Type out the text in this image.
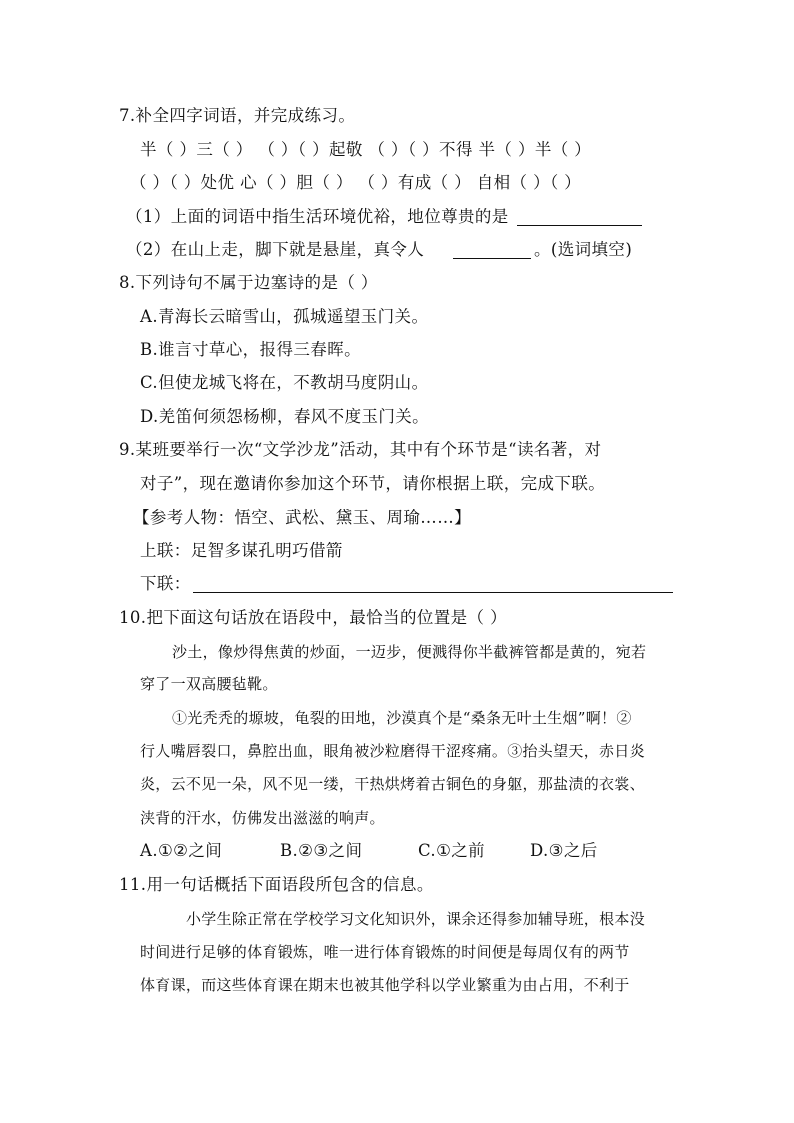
7.补全四字词语，并完成练习。
半（ ）三（ ） （ ）（ ）起敬 （ ）（ ）不得 半（ ）半（ ）
（ ）（ ）处优 心（ ）胆（ ） （ ）有成（ ） 自相（ ）（ ）
（1）上面的词语中指生活环境优裕，地位尊贵的是
（2）在山上走，脚下就是悬崖，真令人	。(选词填空)
8.下列诗句不属于边塞诗的是（ ）
A.青海长云暗雪山，孤城遥望玉门关。
B.谁言寸草心，报得三春晖。
C.但使龙城飞将在，不教胡马度阴山。
D.羌笛何须怨杨柳，春风不度玉门关。
9.某班要举行一次“文学沙龙”活动，其中有个环节是“读名著，对
对子”，现在邀请你参加这个环节，请你根据上联，完成下联。
【参考人物：悟空、武松、黛玉、周瑜……】
上联：足智多谋孔明巧借箭
下联：
10.把下面这句话放在语段中，最恰当的位置是（ ）
沙土，像炒得焦黄的炒面，一迈步，便溅得你半截裤管都是黄的，宛若
穿了一双高腰毡靴。
①光秃秃的塬坡，龟裂的田地，沙漠真个是“桑条无叶土生烟”啊！②
行人嘴唇裂口，鼻腔出血，眼角被沙粒磨得干涩疼痛。③抬头望天，赤日炎
炎，云不见一朵，风不见一缕，干热烘烤着古铜色的身躯，那盐渍的衣裳、
浃背的汗水，仿佛发出滋滋的响声。
A.①②之间	B.②③之间	C.①之前	D.③之后
11.用一句话概括下面语段所包含的信息。
小学生除正常在学校学习文化知识外，课余还得参加辅导班，根本没
时间进行足够的体育锻炼，唯一进行体育锻炼的时间便是每周仅有的两节
体育课，而这些体育课在期末也被其他学科以学业繁重为由占用，不利于
